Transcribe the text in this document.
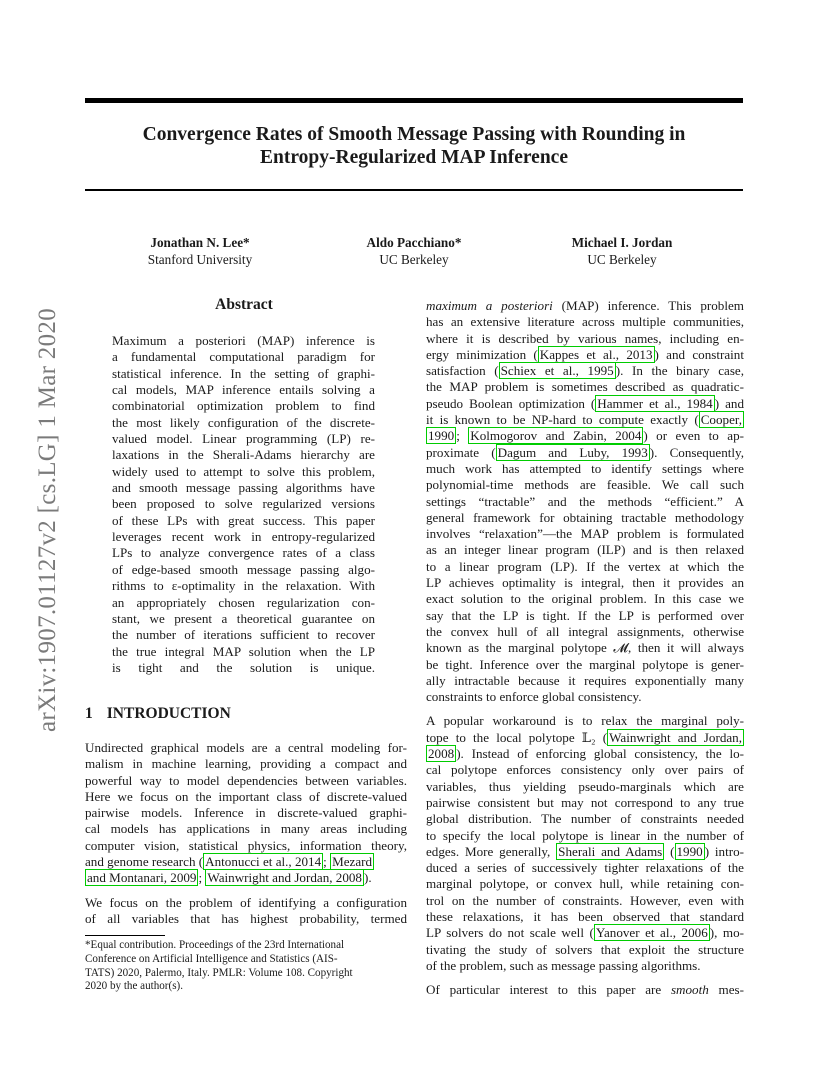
Convergence Rates of Smooth Message Passing with Rounding in
Entropy-Regularized MAP Inference
Jonathan N. Lee*
Stanford University
Aldo Pacchiano*
UC Berkeley
Michael I. Jordan
UC Berkeley
arXiv:1907.01127v2 [cs.LG] 1 Mar 2020
Abstract
Maximum a posteriori (MAP) inference is
a fundamental computational paradigm for
statistical inference. In the setting of graphi-
cal models, MAP inference entails solving a
combinatorial optimization problem to find
the most likely configuration of the discrete-
valued model. Linear programming (LP) re-
laxations in the Sherali-Adams hierarchy are
widely used to attempt to solve this problem,
and smooth message passing algorithms have
been proposed to solve regularized versions
of these LPs with great success. This paper
leverages recent work in entropy-regularized
LPs to analyze convergence rates of a class
of edge-based smooth message passing algo-
rithms to ε-optimality in the relaxation. With
an appropriately chosen regularization con-
stant, we present a theoretical guarantee on
the number of iterations sufficient to recover
the true integral MAP solution when the LP
is tight and the solution is unique.
1 INTRODUCTION
Undirected graphical models are a central modeling for-
malism in machine learning, providing a compact and
powerful way to model dependencies between variables.
Here we focus on the important class of discrete-valued
pairwise models. Inference in discrete-valued graphi-
cal models has applications in many areas including
computer vision, statistical physics, information theory,
and genome research ( Antonucci et al., 2014 ; Mezard
and Montanari, 2009 ; Wainwright and Jordan, 2008 ).
We focus on the problem of identifying a configuration
of all variables that has highest probability, termed
*Equal contribution. Proceedings of the 23rd International
Conference on Artificial Intelligence and Statistics (AIS-
TATS) 2020, Palermo, Italy. PMLR: Volume 108. Copyright
2020 by the author(s).
maximum a posteriori (MAP) inference. This problem
has an extensive literature across multiple communities,
where it is described by various names, including en-
ergy minimization ( Kappes et al., 2013 ) and constraint
satisfaction ( Schiex et al., 1995 ). In the binary case,
the MAP problem is sometimes described as quadratic-
pseudo Boolean optimization ( Hammer et al., 1984 ) and
it is known to be NP-hard to compute exactly ( Cooper,
1990 ; Kolmogorov and Zabin, 2004 ) or even to ap-
proximate ( Dagum and Luby, 1993 ). Consequently,
much work has attempted to identify settings where
polynomial-time methods are feasible. We call such
settings “tractable” and the methods “efficient.” A
general framework for obtaining tractable methodology
involves “relaxation”—the MAP problem is formulated
as an integer linear program (ILP) and is then relaxed
to a linear program (LP). If the vertex at which the
LP achieves optimality is integral, then it provides an
exact solution to the original problem. In this case we
say that the LP is tight. If the LP is performed over
the convex hull of all integral assignments, otherwise
known as the marginal polytope 𝓜, then it will always
be tight. Inference over the marginal polytope is gener-
ally intractable because it requires exponentially many
constraints to enforce global consistency.
A popular workaround is to relax the marginal poly-
tope to the local polytope 𝕃₂ ( Wainwright and Jordan,
2008 ). Instead of enforcing global consistency, the lo-
cal polytope enforces consistency only over pairs of
variables, thus yielding pseudo-marginals which are
pairwise consistent but may not correspond to any true
global distribution. The number of constraints needed
to specify the local polytope is linear in the number of
edges. More generally, Sherali and Adams ( 1990 ) intro-
duced a series of successively tighter relaxations of the
marginal polytope, or convex hull, while retaining con-
trol on the number of constraints. However, even with
these relaxations, it has been observed that standard
LP solvers do not scale well ( Yanover et al., 2006 ), mo-
tivating the study of solvers that exploit the structure
of the problem, such as message passing algorithms.
Of particular interest to this paper are smooth mes-
